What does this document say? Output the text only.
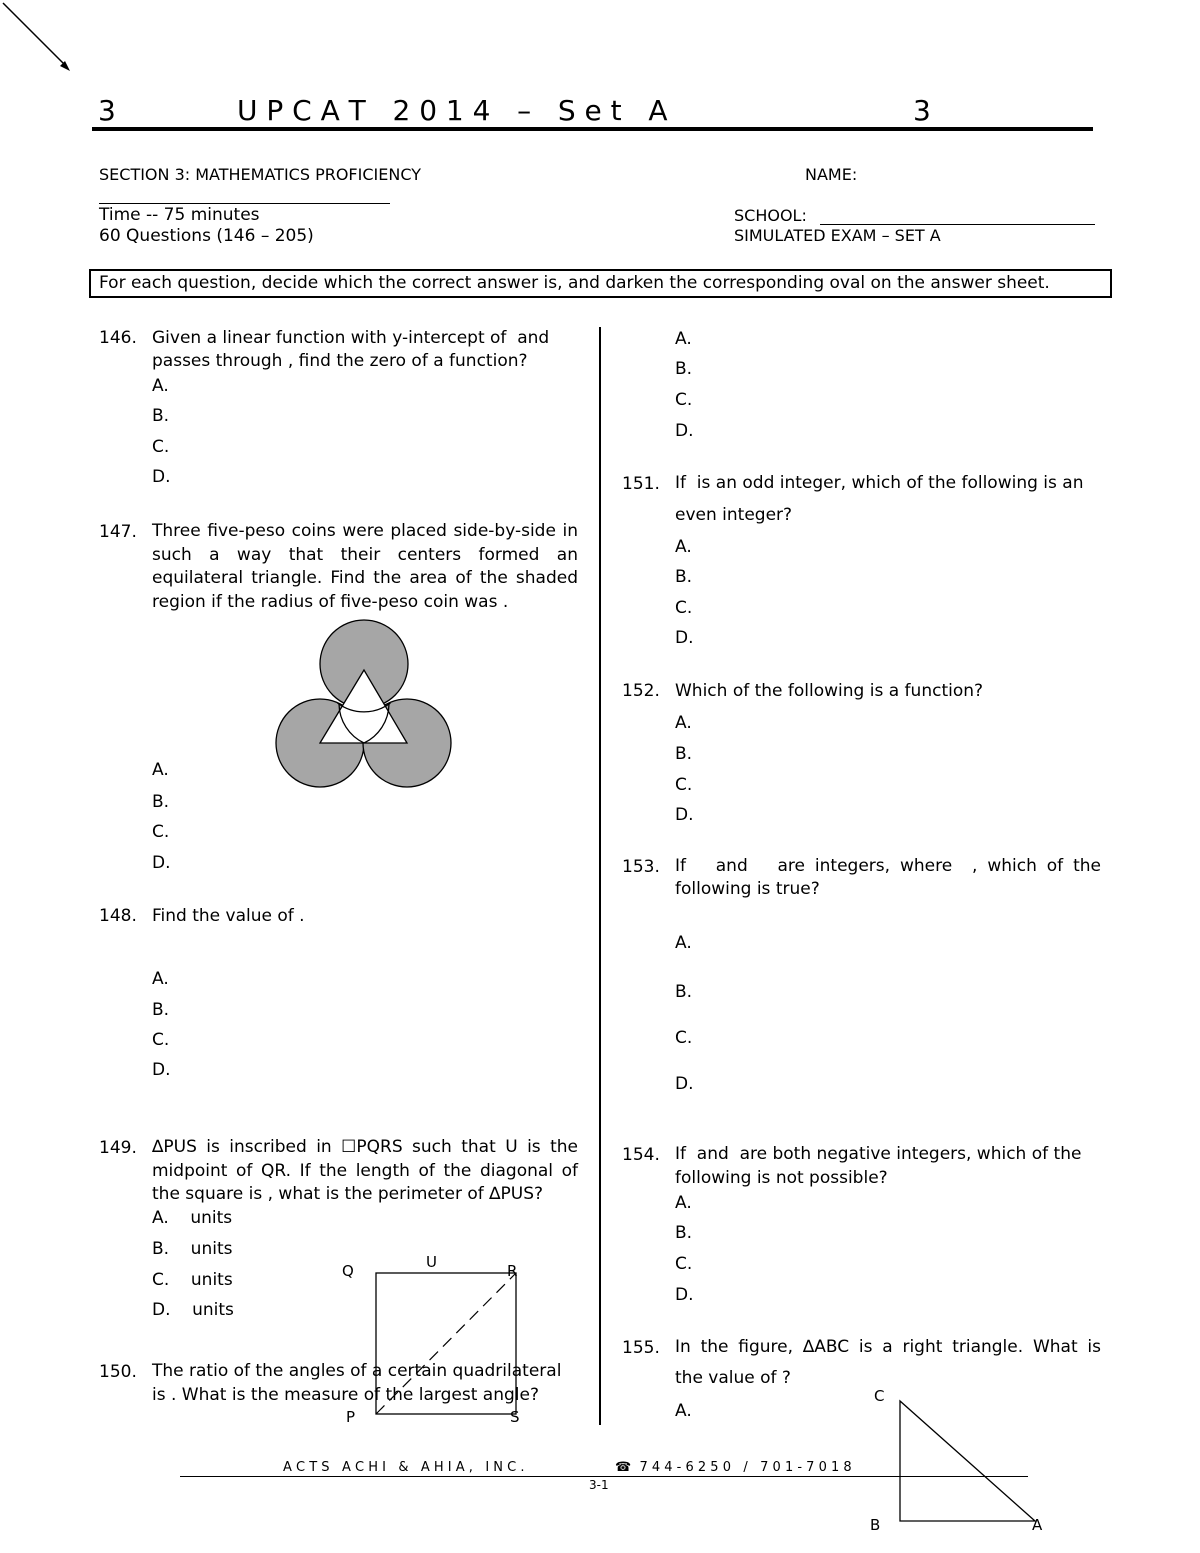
3	U P C A T   2 0 1 4   –   S e t   A	3
SECTION 3: MATHEMATICS PROFICIENCY	NAME:
Time -- 75 minutes
60 Questions (146 – 205)
SCHOOL:
SIMULATED EXAM – SET A
For each question, decide which the correct answer is, and darken the corresponding oval on the answer sheet.
146. Given a linear function with y-intercept of  and
passes through , find the zero of a function?
A.
B.
C.
D.
147. Three five-peso coins were placed side-by-side in such a way that their centers formed an equilateral triangle. Find the area of the shaded region if the radius of five-peso coin was .
A.
B.
C.
D.
148. Find the value of .
A.
B.
C.
D.
149. ∆PUS is inscribed in ☐PQRS such that U is the midpoint of QR. If the length of the diagonal of the square is , what is the perimeter of ∆PUS?
A.    units
B.    units
C.    units
D.    units
Q	U	R
P	S
150. The ratio of the angles of a certain quadrilateral
is . What is the measure of the largest angle?
A.
B.
C.
D.
151. If  is an odd integer, which of the following is an
even integer?
A.
B.
C.
D.
152. Which of the following is a function?
A.
B.
C.
D.
153. If   and   are integers, where  , which of the
following is true?
A.
B.
C.
D.
154. If  and  are both negative integers, which of the
following is not possible?
A.
B.
C.
D.
155. In the figure, ∆ABC is a right triangle. What is
the value of ?
A.
C
B	A
A C T S   A C H I   &   A H I A ,   I N C .	☎  7 4 4 - 6 2 5 0   /   7 0 1 - 7 0 1 8
3-1
